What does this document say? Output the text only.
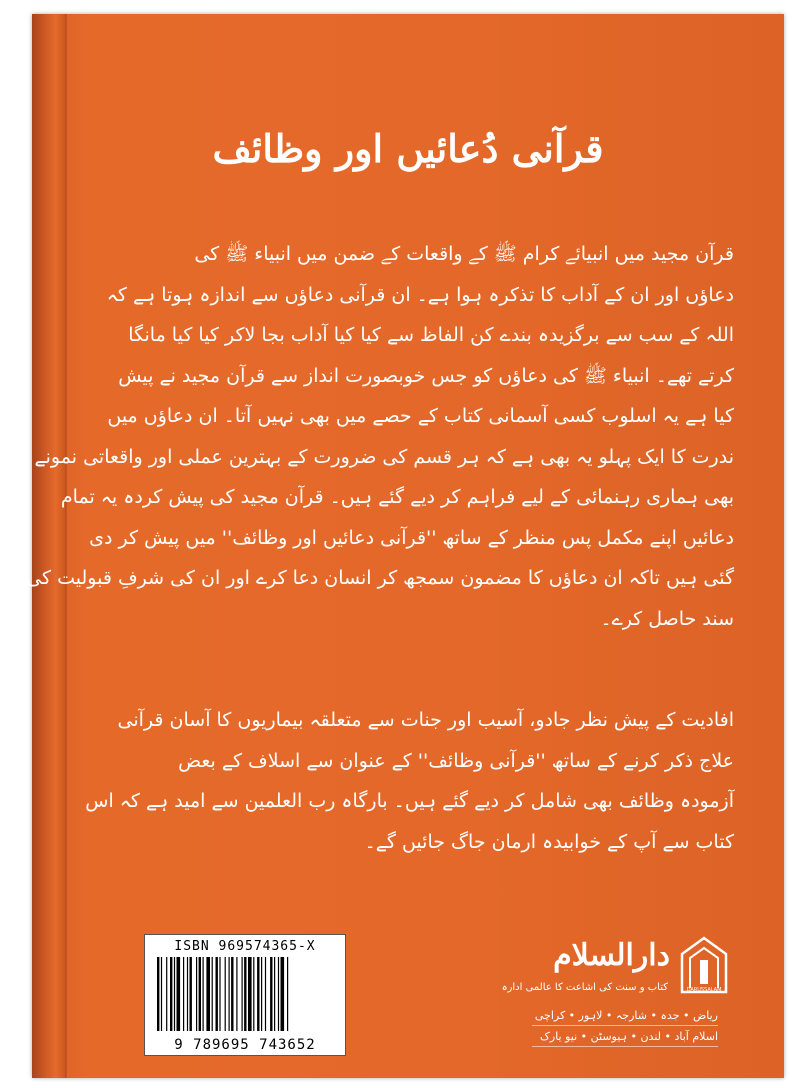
قرآنی دُعائیں اور وظائف
قرآن مجید میں انبیائے کرام ﷺ کے واقعات کے ضمن میں انبیاء ﷺ کی
دعاؤں اور ان کے آداب کا تذکرہ ہوا ہے۔ ان قرآنی دعاؤں سے اندازہ ہوتا ہے کہ
اللہ کے سب سے برگزیدہ بندے کن الفاظ سے کیا کیا آداب بجا لاکر کیا کیا مانگا
کرتے تھے۔ انبیاء ﷺ کی دعاؤں کو جس خوبصورت انداز سے قرآن مجید نے پیش
کیا ہے یہ اسلوب کسی آسمانی کتاب کے حصے میں بھی نہیں آتا۔ ان دعاؤں میں
ندرت کا ایک پہلو یہ بھی ہے کہ ہر قسم کی ضرورت کے بہترین عملی اور واقعاتی نمونے
بھی ہماری رہنمائی کے لیے فراہم کر دیے گئے ہیں۔ قرآن مجید کی پیش کردہ یہ تمام
دعائیں اپنے مکمل پس منظر کے ساتھ ''قرآنی دعائیں اور وظائف'' میں پیش کر دی
گئی ہیں تاکہ ان دعاؤں کا مضمون سمجھ کر انسان دعا کرے اور ان کی شرفِ قبولیت کی
سند حاصل کرے۔
افادیت کے پیش نظر جادو، آسیب اور جنات سے متعلقہ بیماریوں کا آسان قرآنی
علاج ذکر کرنے کے ساتھ ''قرآنی وظائف'' کے عنوان سے اسلاف کے بعض
آزمودہ وظائف بھی شامل کر دیے گئے ہیں۔ بارگاہ رب العلمین سے امید ہے کہ اس
کتاب سے آپ کے خوابیدہ ارمان جاگ جائیں گے۔
ISBN 969574365-X
9 789695 743652
دارالسلام
کتاب و سنت کی اشاعت کا عالمی ادارہ	DARUSSALAM
ریاض • جدہ • شارجہ • لاہور • کراچی
اسلام آباد • لندن • ہیوسٹن • نیو یارک
